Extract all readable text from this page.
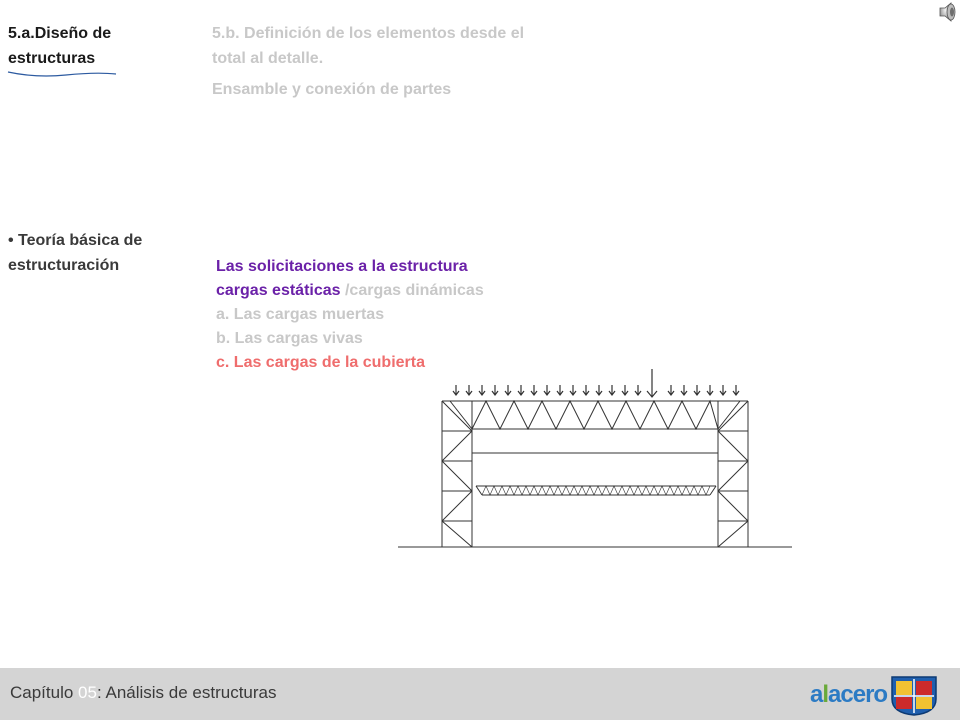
5.a.Diseño de estructuras
5.b. Definición de los elementos desde el total al detalle.
Ensamble y conexión de partes
• Teoría básica de estructuración	Las solicitaciones a la estructura
cargas estáticas /cargas dinámicas
a. Las cargas muertas
b. Las cargas vivas
c. Las cargas de la cubierta
Capítulo 05: Análisis de estructuras	alacero
